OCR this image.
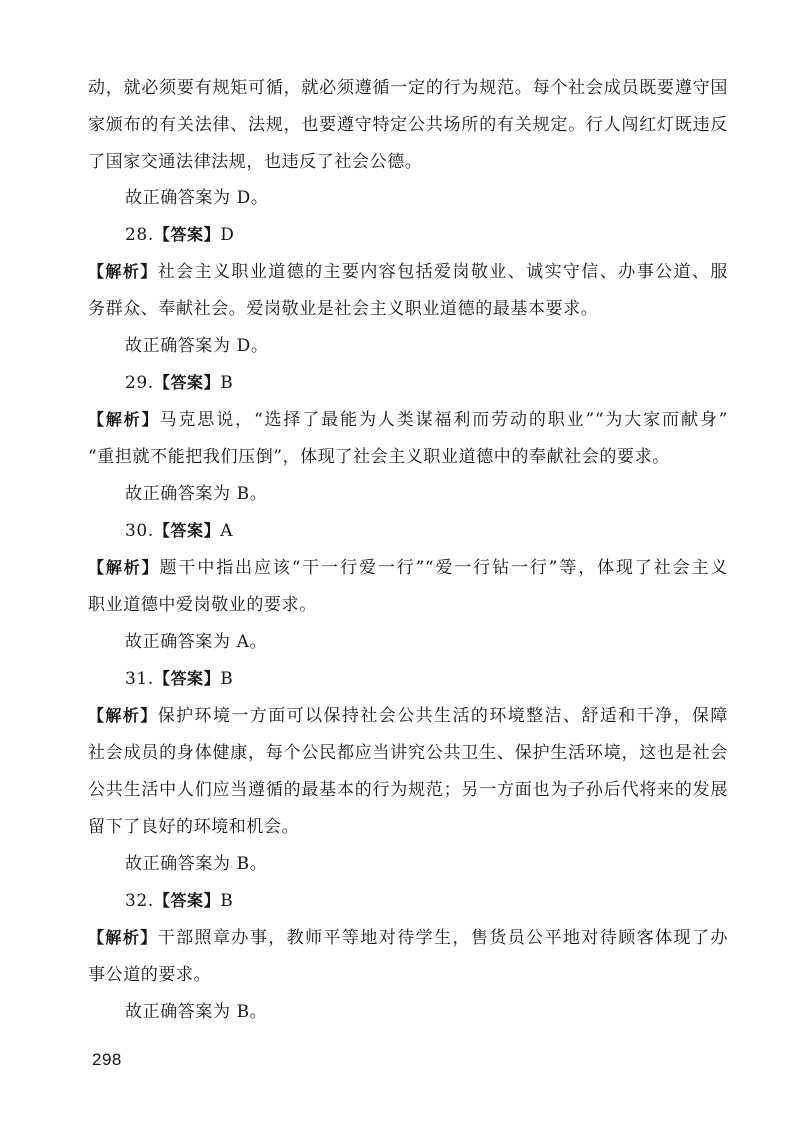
动，就必须要有规矩可循，就必须遵循一定的行为规范。每个社会成员既要遵守国
家颁布的有关法律、法规，也要遵守特定公共场所的有关规定。行人闯红灯既违反
了国家交通法律法规，也违反了社会公德。
故正确答案为 D。
28.【答案】D
【解析】社会主义职业道德的主要内容包括爱岗敬业、诚实守信、办事公道、服
务群众、奉献社会。爱岗敬业是社会主义职业道德的最基本要求。
故正确答案为 D。
29.【答案】B
【解析】马克思说，“选择了最能为人类谋福利而劳动的职业”“为大家而献身”
“重担就不能把我们压倒”，体现了社会主义职业道德中的奉献社会的要求。
故正确答案为 B。
30.【答案】A
【解析】题干中指出应该“干一行爱一行”“爱一行钻一行”等，体现了社会主义
职业道德中爱岗敬业的要求。
故正确答案为 A。
31.【答案】B
【解析】保护环境一方面可以保持社会公共生活的环境整洁、舒适和干净，保障
社会成员的身体健康，每个公民都应当讲究公共卫生、保护生活环境，这也是社会
公共生活中人们应当遵循的最基本的行为规范；另一方面也为子孙后代将来的发展
留下了良好的环境和机会。
故正确答案为 B。
32.【答案】B
【解析】干部照章办事，教师平等地对待学生，售货员公平地对待顾客体现了办
事公道的要求。
故正确答案为 B。
298
